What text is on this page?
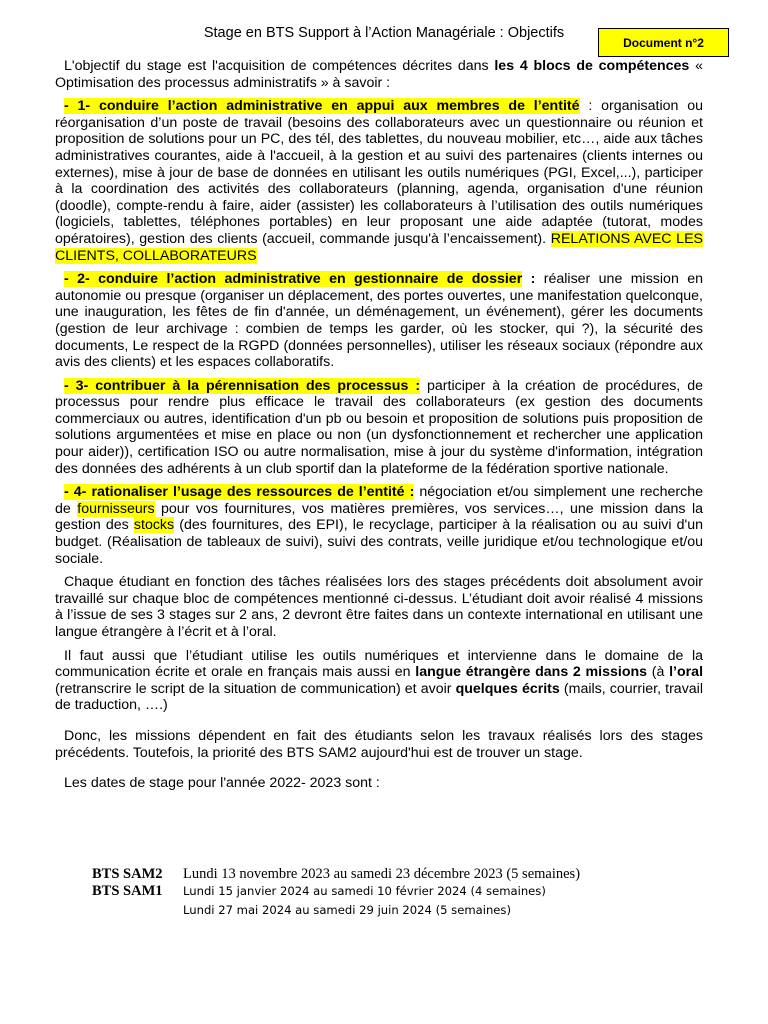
Stage en BTS Support à l’Action Managériale : Objectifs
Document n°2

L'objectif du stage est l'acquisition de compétences décrites dans les 4 blocs de compétences « Optimisation des processus administratifs » à savoir :

- 1- conduire l’action administrative en appui aux membres de l’entité : organisation ou réorganisation d’un poste de travail (besoins des collaborateurs avec un questionnaire ou réunion et proposition de solutions pour un PC, des tél, des tablettes, du nouveau mobilier, etc…, aide aux tâches administratives courantes, aide à l'accueil, à la gestion et au suivi des partenaires (clients internes ou externes), mise à jour de base de données en utilisant les outils numériques (PGI, Excel,...), participer à la coordination des activités des collaborateurs (planning, agenda, organisation d'une réunion (doodle), compte-rendu à faire, aider (assister) les collaborateurs à l’utilisation des outils numériques (logiciels, tablettes, téléphones portables) en leur proposant une aide adaptée (tutorat, modes opératoires), gestion des clients (accueil, commande jusqu'à l’encaissement). RELATIONS AVEC LES CLIENTS, COLLABORATEURS

- 2- conduire l’action administrative en gestionnaire de dossier : réaliser une mission en autonomie ou presque (organiser un déplacement, des portes ouvertes, une manifestation quelconque, une inauguration, les fêtes de fin d'année, un déménagement, un événement), gérer les documents (gestion de leur archivage : combien de temps les garder, où les stocker, qui ?), la sécurité des documents, Le respect de la RGPD (données personnelles), utiliser les réseaux sociaux (répondre aux avis des clients) et les espaces collaboratifs.

- 3- contribuer à la pérennisation des processus : participer à la création de procédures, de processus pour rendre plus efficace le travail des collaborateurs (ex gestion des documents commerciaux ou autres, identification d'un pb ou besoin et proposition de solutions puis proposition de solutions argumentées et mise en place ou non (un dysfonctionnement et rechercher une application pour aider)), certification ISO ou autre normalisation, mise à jour du système d'information, intégration des données des adhérents à un club sportif dan la plateforme de la fédération sportive nationale.

- 4- rationaliser l’usage des ressources de l’entité : négociation et/ou simplement une recherche de fournisseurs pour vos fournitures, vos matières premières, vos services…, une mission dans la gestion des stocks (des fournitures, des EPI), le recyclage, participer à la réalisation ou au suivi d'un budget. (Réalisation de tableaux de suivi), suivi des contrats, veille juridique et/ou technologique et/ou sociale.

Chaque étudiant en fonction des tâches réalisées lors des stages précédents doit absolument avoir travaillé sur chaque bloc de compétences mentionné ci-dessus. L’étudiant doit avoir réalisé 4 missions à l’issue de ses 3 stages sur 2 ans, 2 devront être faites dans un contexte international en utilisant une langue étrangère à l’écrit et à l’oral.

Il faut aussi que l’étudiant utilise les outils numériques et intervienne dans le domaine de la communication écrite et orale en français mais aussi en langue étrangère dans 2 missions (à l’oral (retranscrire le script de la situation de communication) et avoir quelques écrits (mails, courrier, travail de traduction, ….)

Donc, les missions dépendent en fait des étudiants selon les travaux réalisés lors des stages précédents. Toutefois, la priorité des BTS SAM2 aujourd'hui est de trouver un stage.

Les dates de stage pour l'année 2022- 2023 sont :

BTS SAM2	Lundi 13 novembre 2023 au samedi 23 décembre 2023 (5 semaines)
BTS SAM1	Lundi 15 janvier 2024 au samedi 10 février 2024 (4 semaines)
Lundi 27 mai 2024 au samedi 29 juin 2024 (5 semaines)
